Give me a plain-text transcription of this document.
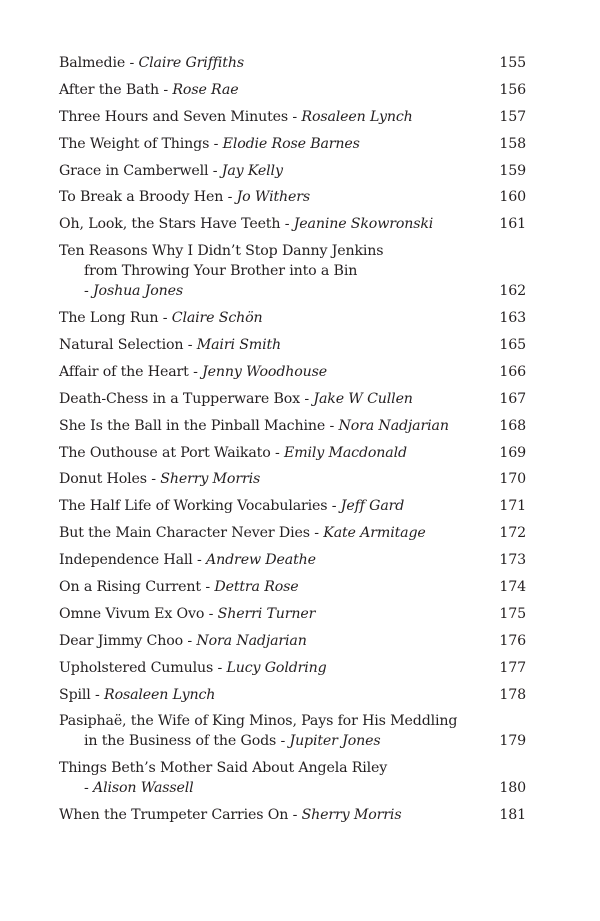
Balmedie - Claire Griffiths	155
After the Bath - Rose Rae	156
Three Hours and Seven Minutes - Rosaleen Lynch	157
The Weight of Things - Elodie Rose Barnes	158
Grace in Camberwell - Jay Kelly	159
To Break a Broody Hen - Jo Withers	160
Oh, Look, the Stars Have Teeth - Jeanine Skowronski	161
Ten Reasons Why I Didn’t Stop Danny Jenkins
from Throwing Your Brother into a Bin
- Joshua Jones	162
The Long Run - Claire Schön	163
Natural Selection - Mairi Smith	165
Affair of the Heart - Jenny Woodhouse	166
Death-Chess in a Tupperware Box - Jake W Cullen	167
She Is the Ball in the Pinball Machine - Nora Nadjarian	168
The Outhouse at Port Waikato - Emily Macdonald	169
Donut Holes - Sherry Morris	170
The Half Life of Working Vocabularies - Jeff Gard	171
But the Main Character Never Dies - Kate Armitage	172
Independence Hall - Andrew Deathe	173
On a Rising Current - Dettra Rose	174
Omne Vivum Ex Ovo - Sherri Turner	175
Dear Jimmy Choo - Nora Nadjarian	176
Upholstered Cumulus - Lucy Goldring	177
Spill - Rosaleen Lynch	178
Pasiphaë, the Wife of King Minos, Pays for His Meddling
in the Business of the Gods - Jupiter Jones	179
Things Beth’s Mother Said About Angela Riley
- Alison Wassell	180
When the Trumpeter Carries On - Sherry Morris	181
